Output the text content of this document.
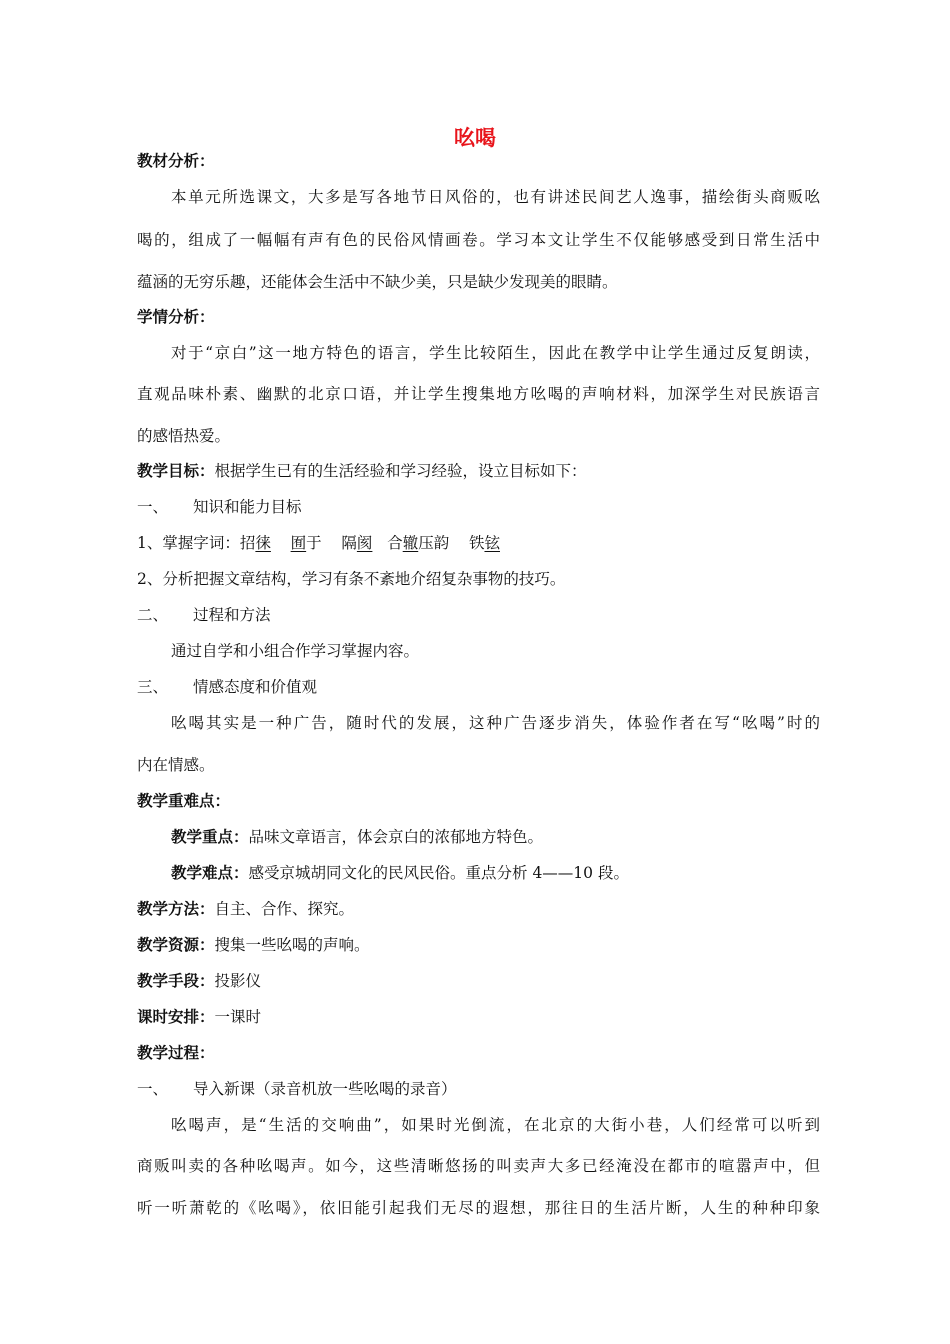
吆喝
教材分析：
本单元所选课文，大多是写各地节日风俗的，也有讲述民间艺人逸事，描绘街头商贩吆
喝的，组成了一幅幅有声有色的民俗风情画卷。学习本文让学生不仅能够感受到日常生活中
蕴涵的无穷乐趣，还能体会生活中不缺少美，只是缺少发现美的眼睛。
学情分析：
对于“京白”这一地方特色的语言，学生比较陌生，因此在教学中让学生通过反复朗读，
直观品味朴素、幽默的北京口语，并让学生搜集地方吆喝的声响材料，加深学生对民族语言
的感悟热爱。
教学目标：根据学生已有的生活经验和学习经验，设立目标如下：
一、 知识和能力目标
1、掌握字词：招徕 囿于 隔阂 合辙压韵 铁铉
2、分析把握文章结构，学习有条不紊地介绍复杂事物的技巧。
二、 过程和方法
通过自学和小组合作学习掌握内容。
三、 情感态度和价值观
吆喝其实是一种广告，随时代的发展，这种广告逐步消失，体验作者在写“吆喝”时的
内在情感。
教学重难点：
教学重点：品味文章语言，体会京白的浓郁地方特色。
教学难点：感受京城胡同文化的民风民俗。重点分析 4——10 段。
教学方法：自主、合作、探究。
教学资源：搜集一些吆喝的声响。
教学手段：投影仪
课时安排：一课时
教学过程：
一、 导入新课（录音机放一些吆喝的录音）
吆喝声，是“生活的交响曲”，如果时光倒流，在北京的大街小巷，人们经常可以听到
商贩叫卖的各种吆喝声。如今，这些清晰悠扬的叫卖声大多已经淹没在都市的喧嚣声中，但
听一听萧乾的《吆喝》，依旧能引起我们无尽的遐想，那往日的生活片断，人生的种种印象
